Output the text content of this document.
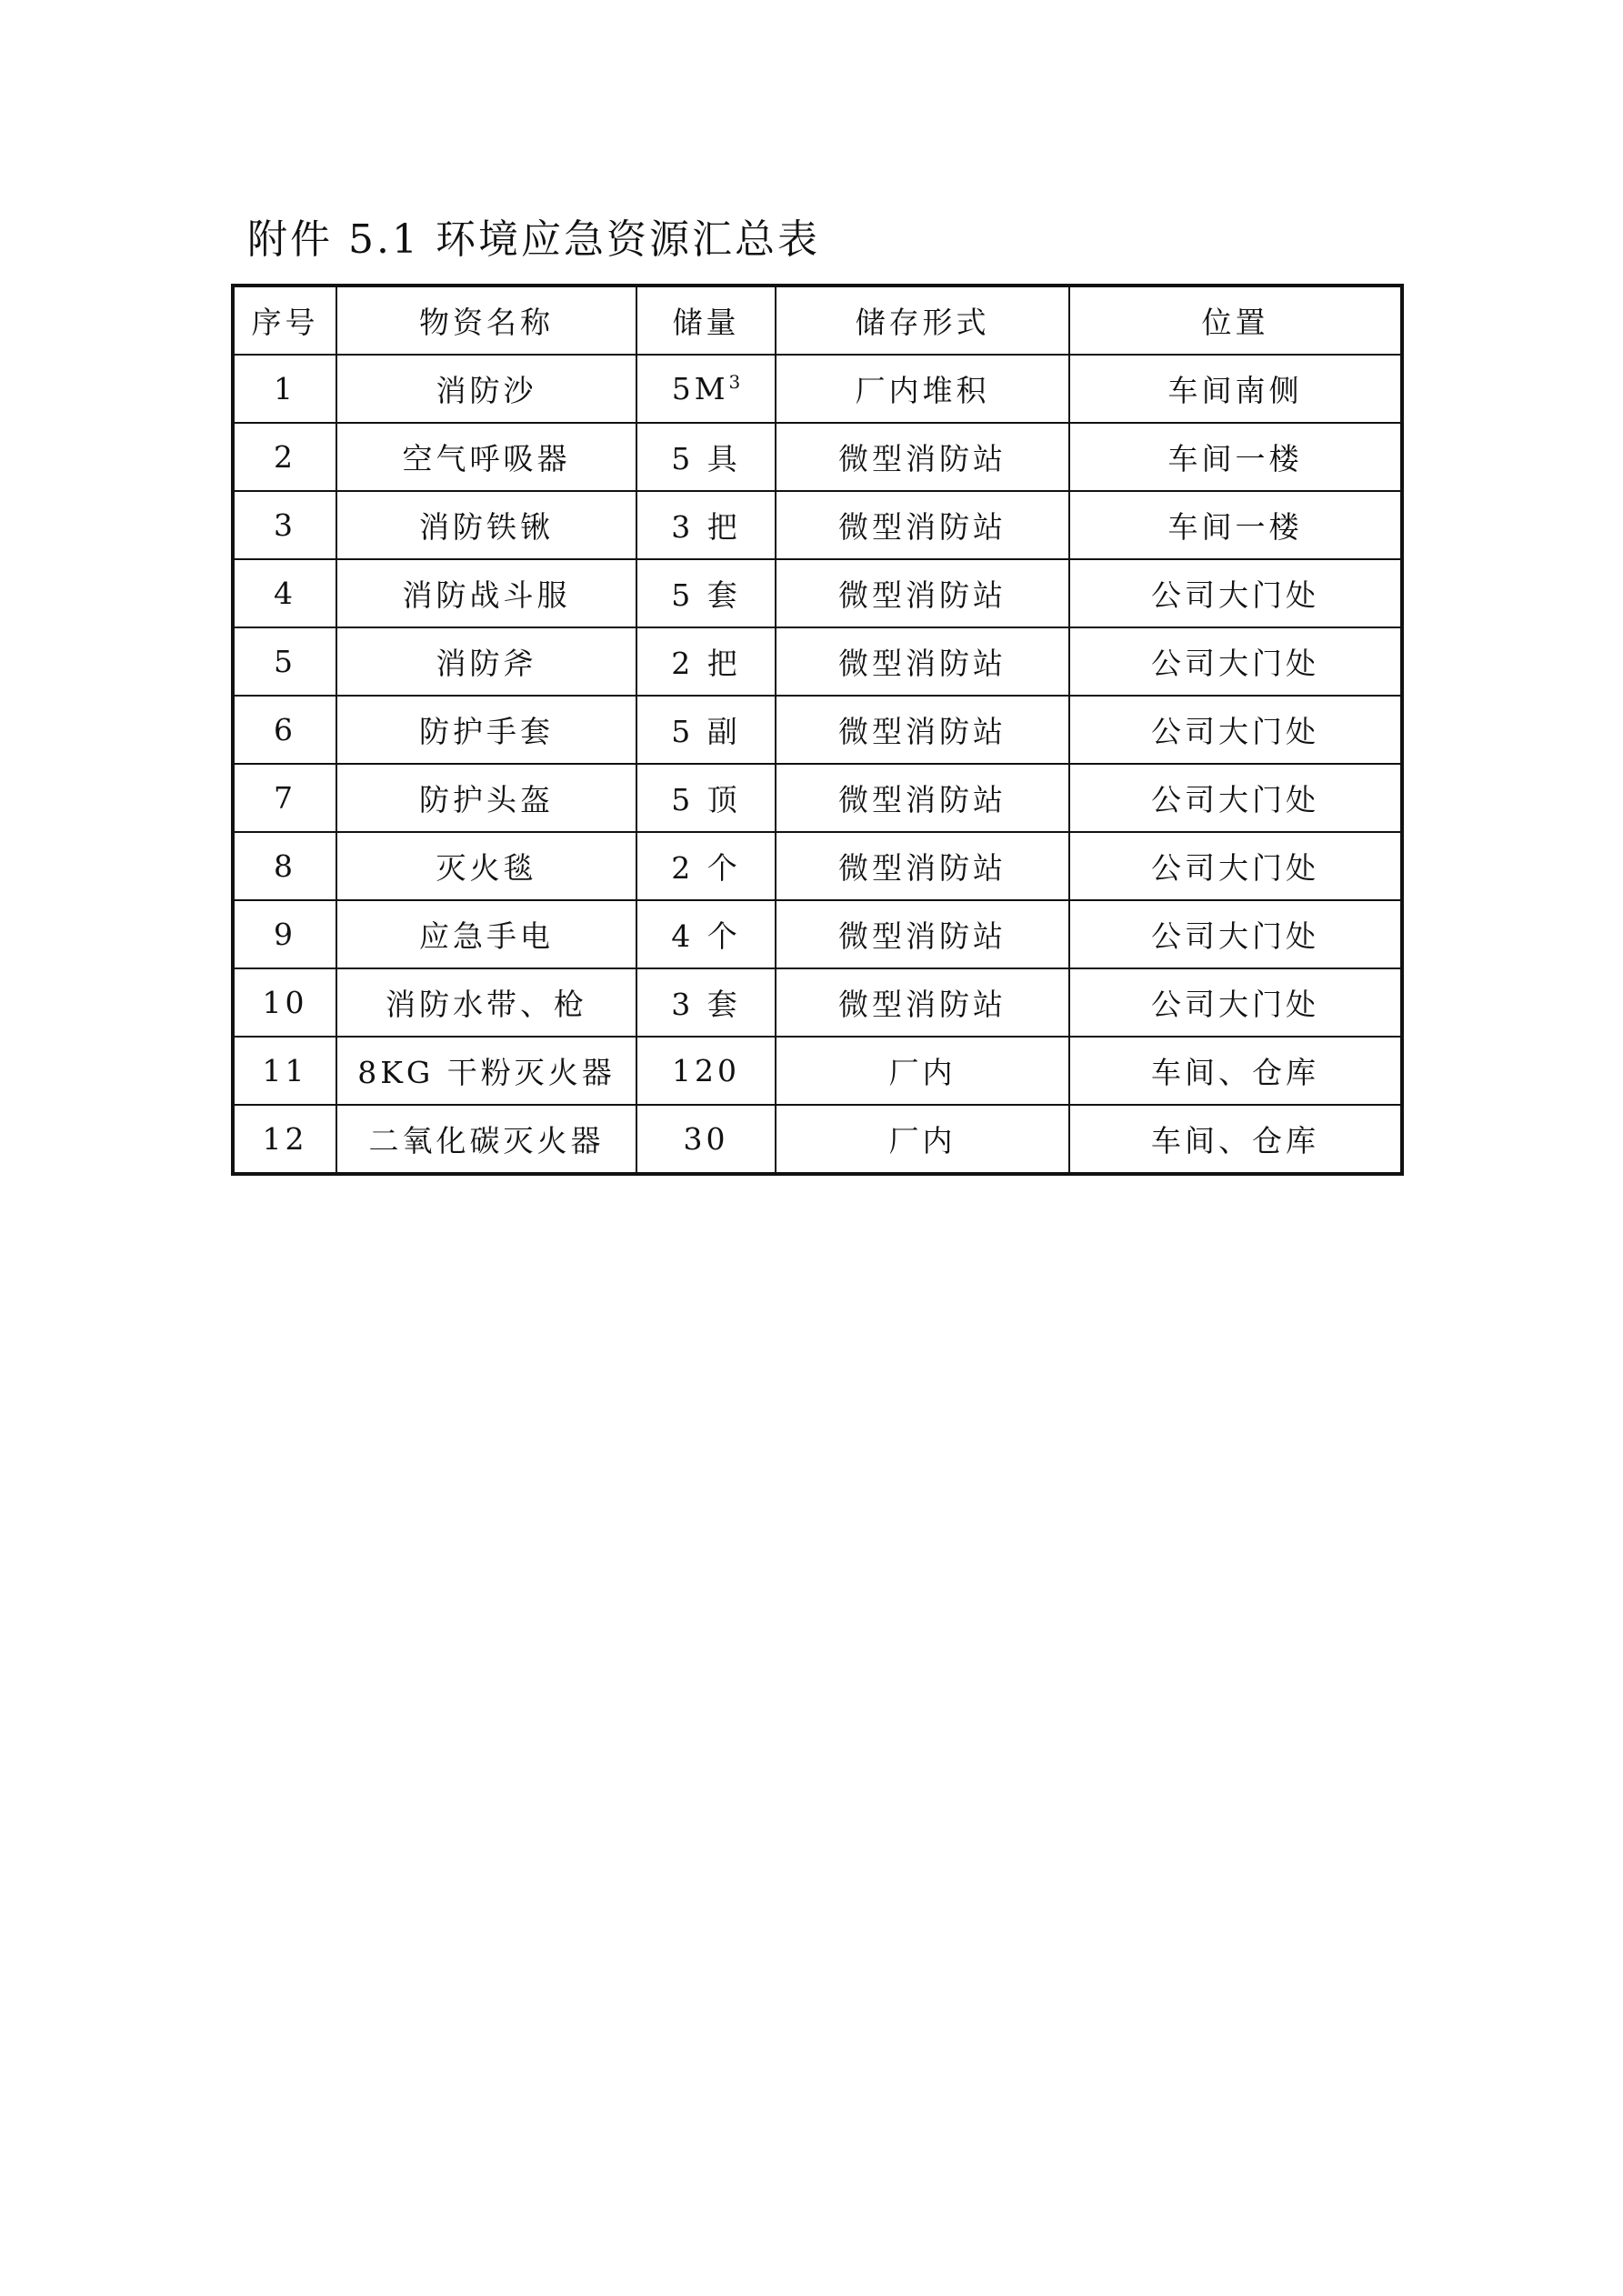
附件 5.1 环境应急资源汇总表
序号	物资名称	储量	储存形式	位置
1	消防沙	$5M^3$	厂内堆积	车间南侧
2	空气呼吸器	5 具	微型消防站	车间一楼
3	消防铁锹	3 把	微型消防站	车间一楼
4	消防战斗服	5 套	微型消防站	公司大门处
5	消防斧	2 把	微型消防站	公司大门处
6	防护手套	5 副	微型消防站	公司大门处
7	防护头盔	5 顶	微型消防站	公司大门处
8	灭火毯	2 个	微型消防站	公司大门处
9	应急手电	4 个	微型消防站	公司大门处
10	消防水带、枪	3 套	微型消防站	公司大门处
11	8KG 干粉灭火器	120	厂内	车间、仓库
12	二氧化碳灭火器	30	厂内	车间、仓库
